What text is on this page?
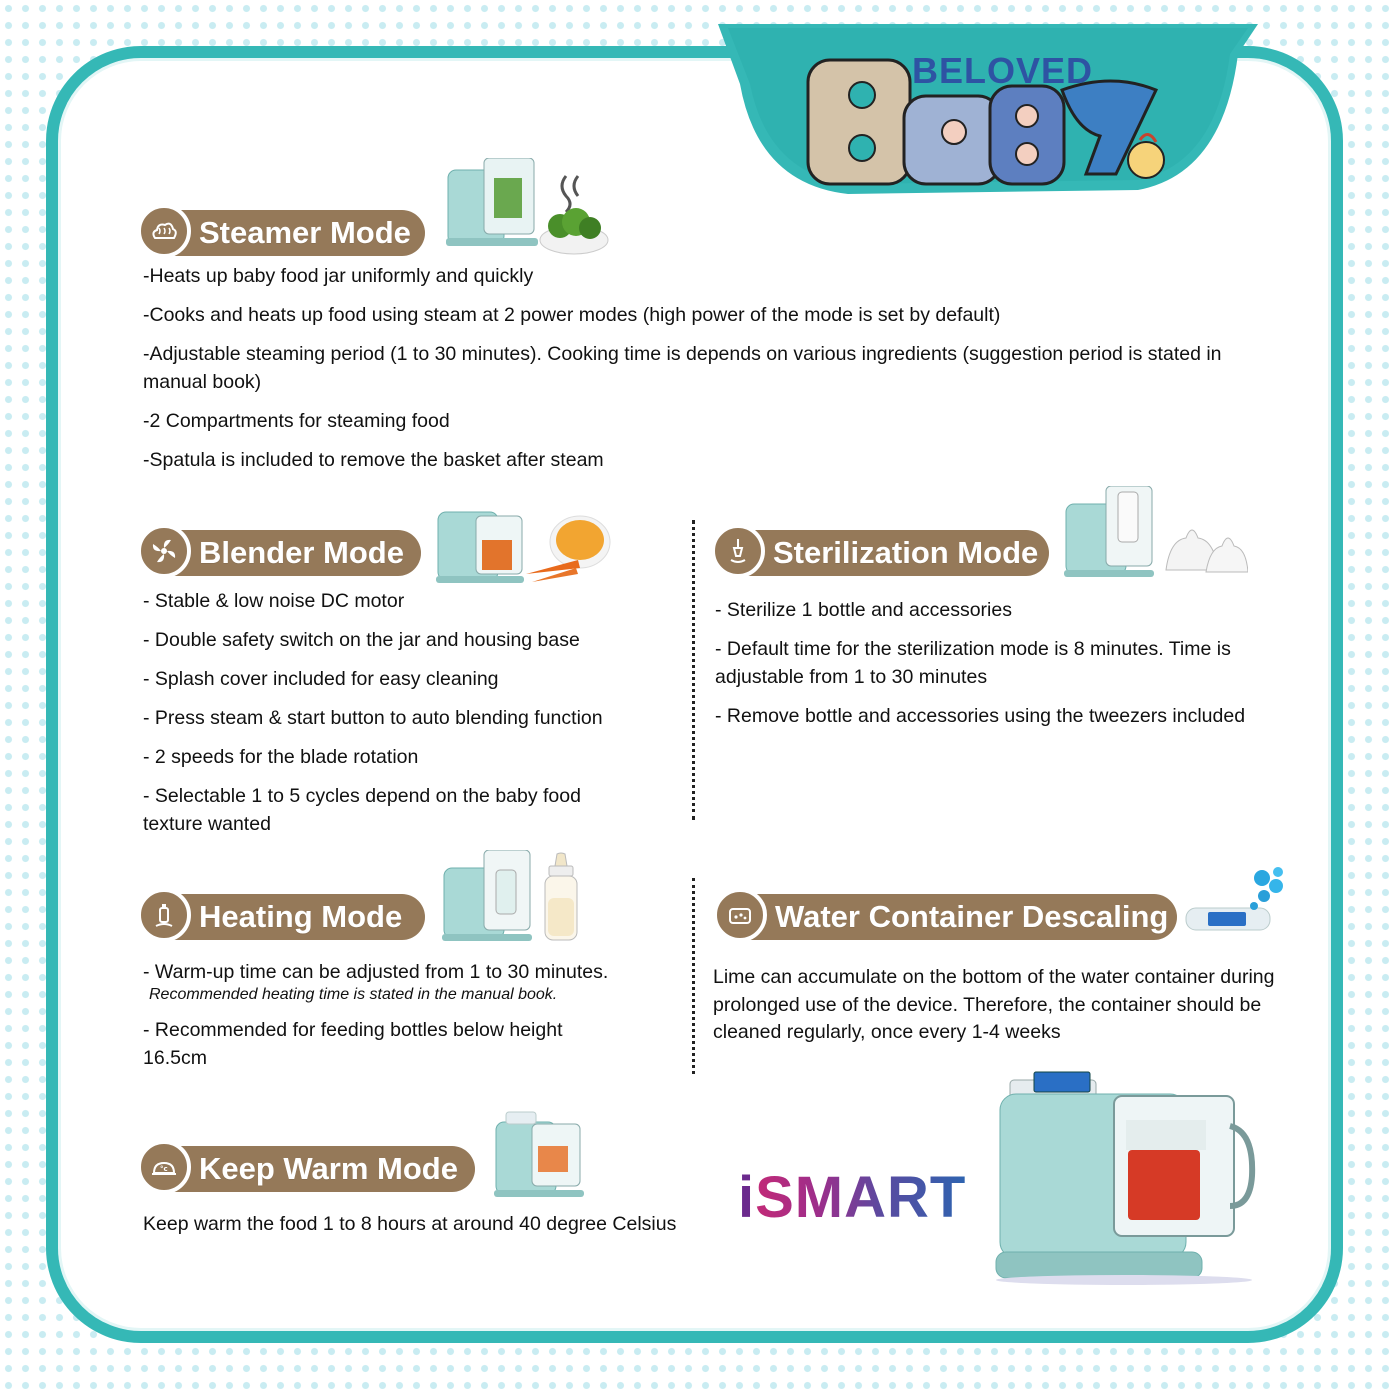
BELOVED
Steamer Mode

-Heats up baby food jar uniformly and quickly

-Cooks and heats up food using steam at 2 power modes (high power of the mode is set by default)

-Adjustable steaming period (1 to 30 minutes). Cooking time is depends on various ingredients (suggestion period is stated in manual book)

-2 Compartments for steaming food

-Spatula is included to remove the basket after steam

Blender Mode

- Stable & low noise DC motor

- Double safety switch on the jar and housing base

- Splash cover included for easy cleaning

- Press steam & start button to auto blending function

- 2 speeds for the blade rotation

- Selectable 1 to 5 cycles depend on the baby food texture wanted

Sterilization Mode

- Sterilize 1 bottle and accessories

- Default time for the sterilization mode is 8 minutes. Time is adjustable from 1 to 30 minutes

- Remove bottle and accessories using the tweezers included

Heating Mode

- Warm-up time can be adjusted from 1 to 30 minutes.

Recommended heating time is stated in the manual book.

- Recommended for feeding bottles below height 16.5cm

Water Container Descaling

Lime can accumulate on the bottom of the water container during prolonged use of the device. Therefore, the container should be cleaned regularly, once every 1-4 weeks

°c Keep Warm Mode

Keep warm the food 1 to 8 hours at around 40 degree Celsius	iSMART
